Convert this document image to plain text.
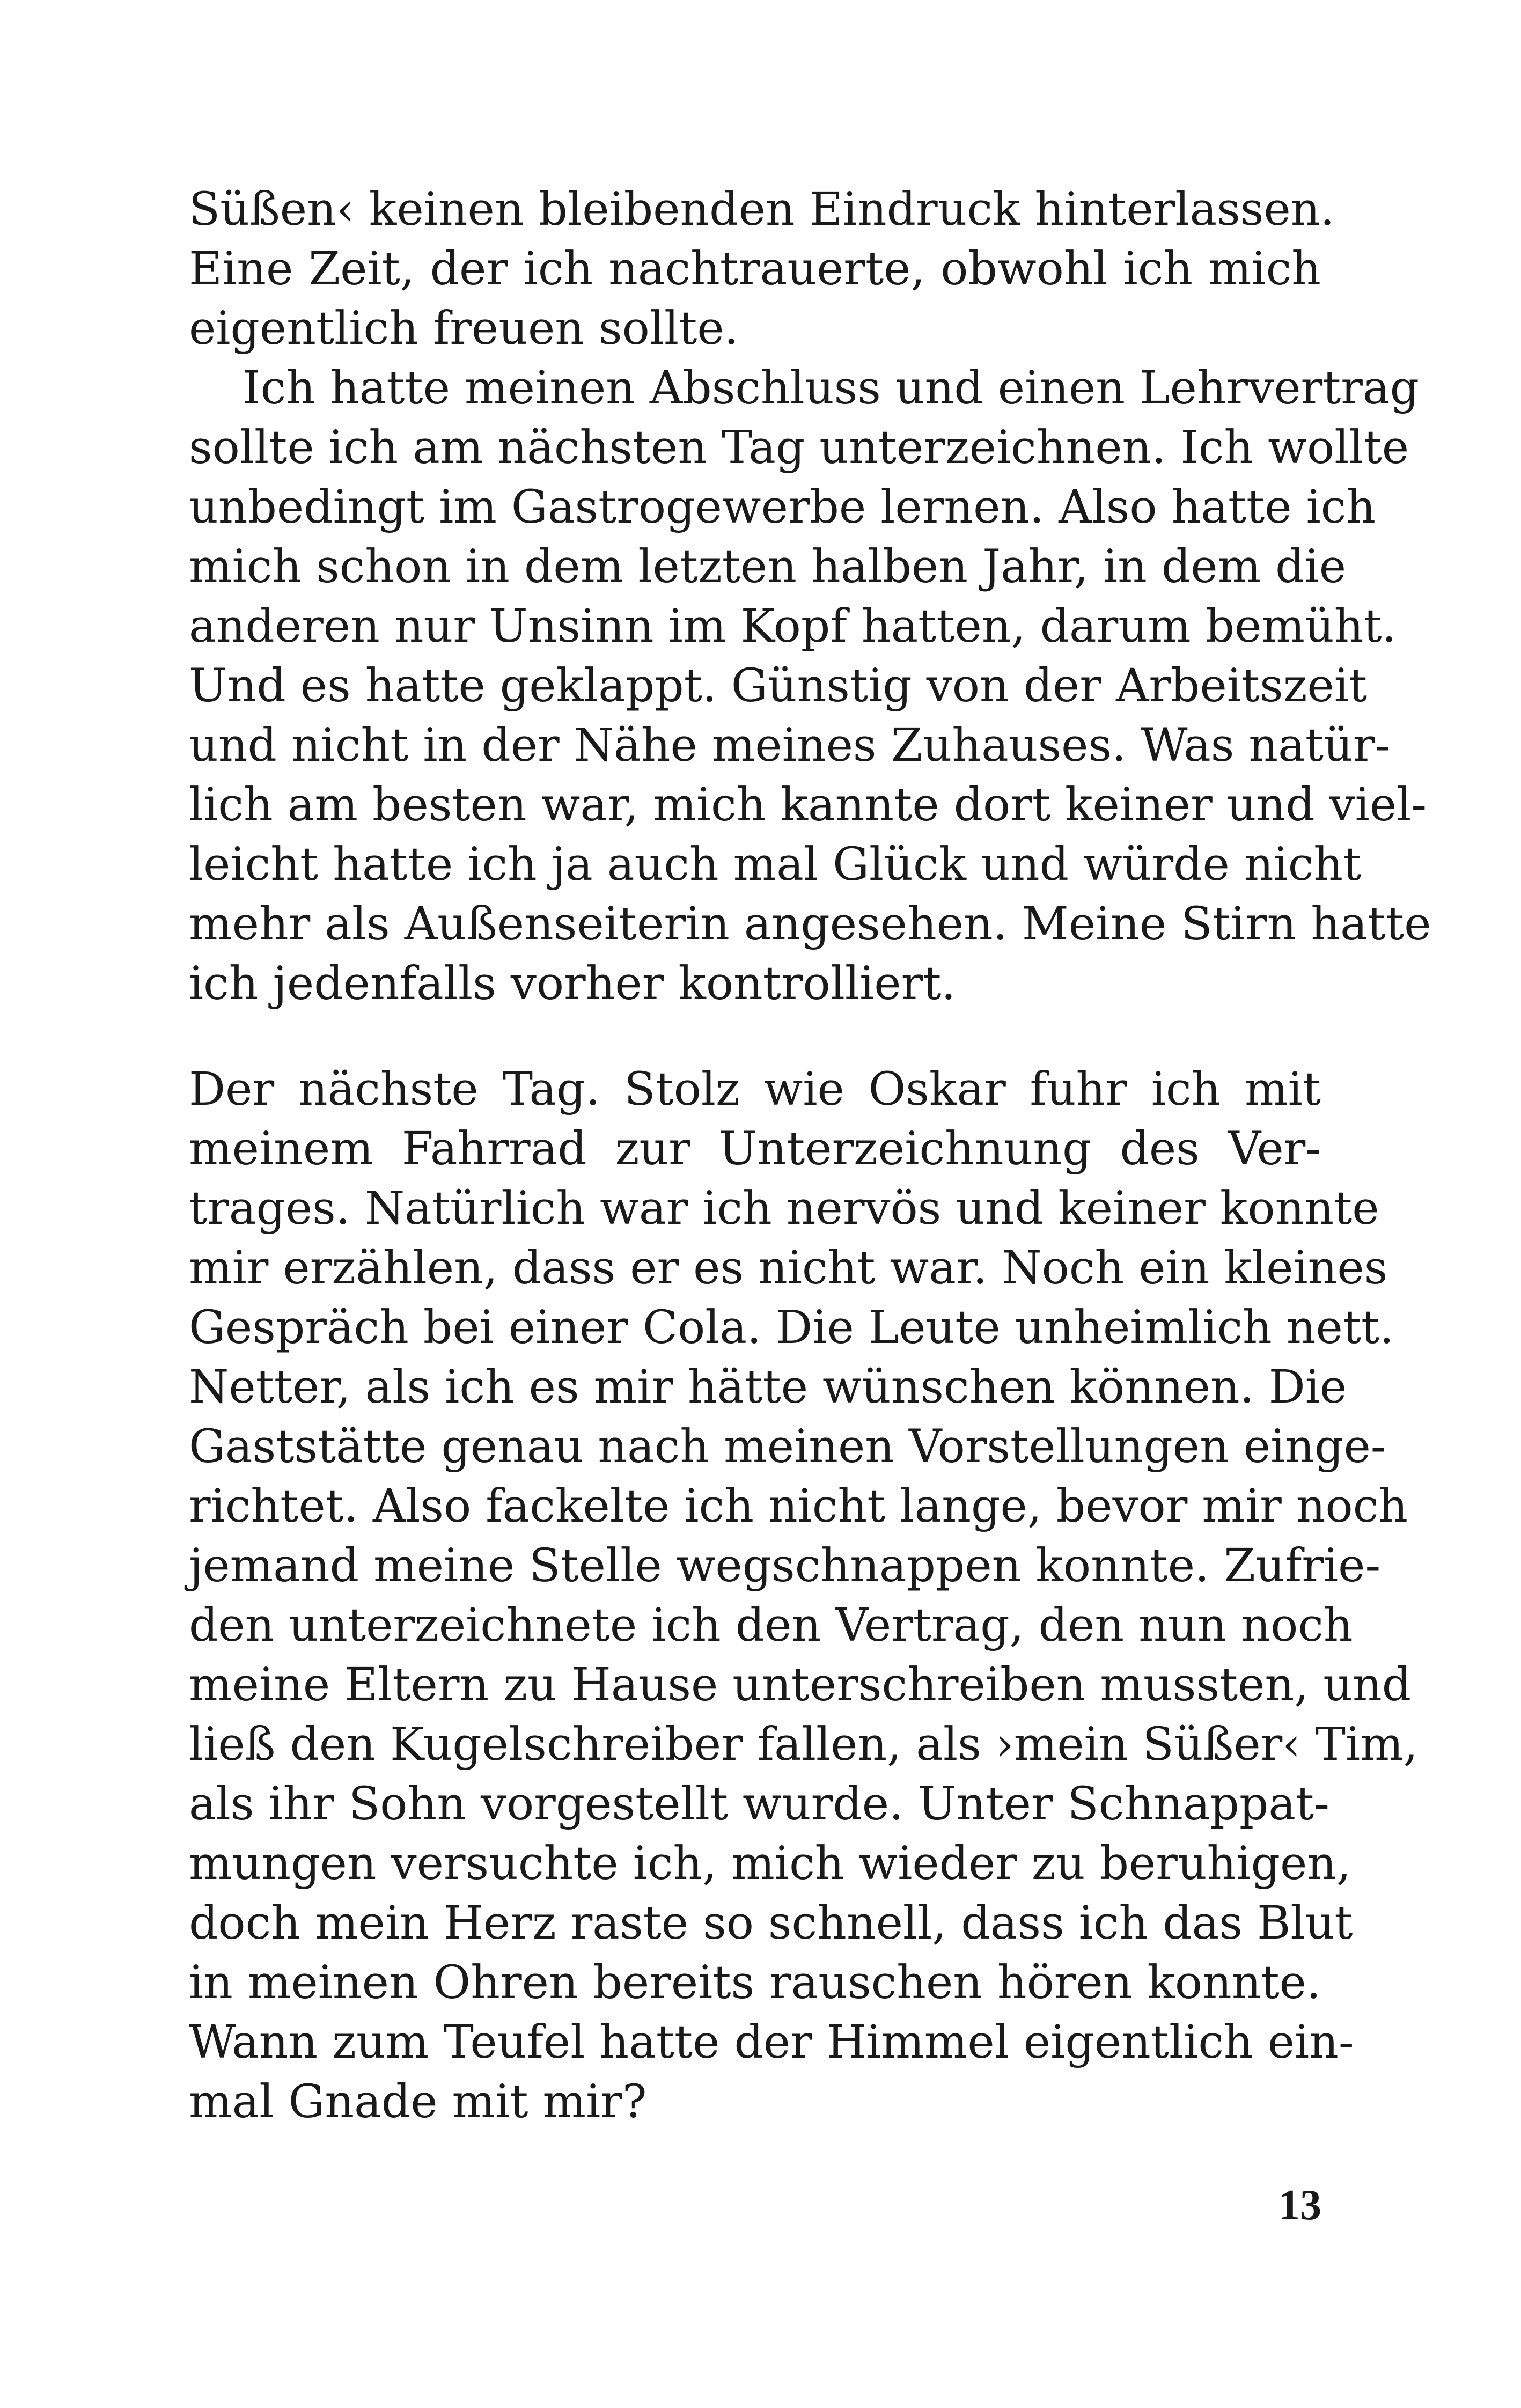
Süßen‹ keinen bleibenden Eindruck hinterlassen.
Eine Zeit, der ich nachtrauerte, obwohl ich mich
eigentlich freuen sollte.
Ich hatte meinen Abschluss und einen Lehrvertrag
sollte ich am nächsten Tag unterzeichnen. Ich wollte
unbedingt im Gastrogewerbe lernen. Also hatte ich
mich schon in dem letzten halben Jahr, in dem die
anderen nur Unsinn im Kopf hatten, darum bemüht.
Und es hatte geklappt. Günstig von der Arbeitszeit
und nicht in der Nähe meines Zuhauses. Was natür-
lich am besten war, mich kannte dort keiner und viel-
leicht hatte ich ja auch mal Glück und würde nicht
mehr als Außenseiterin angesehen. Meine Stirn hatte
ich jedenfalls vorher kontrolliert.
Der nächste Tag. Stolz wie Oskar fuhr ich mit
meinem Fahrrad zur Unterzeichnung des Ver-
trages. Natürlich war ich nervös und keiner konnte
mir erzählen, dass er es nicht war. Noch ein kleines
Gespräch bei einer Cola. Die Leute unheimlich nett.
Netter, als ich es mir hätte wünschen können. Die
Gaststätte genau nach meinen Vorstellungen einge-
richtet. Also fackelte ich nicht lange, bevor mir noch
jemand meine Stelle wegschnappen konnte. Zufrie-
den unterzeichnete ich den Vertrag, den nun noch
meine Eltern zu Hause unterschreiben mussten, und
ließ den Kugelschreiber fallen, als ›mein Süßer‹ Tim,
als ihr Sohn vorgestellt wurde. Unter Schnappat-
mungen versuchte ich, mich wieder zu beruhigen,
doch mein Herz raste so schnell, dass ich das Blut
in meinen Ohren bereits rauschen hören konnte.
Wann zum Teufel hatte der Himmel eigentlich ein-
mal Gnade mit mir?
13
